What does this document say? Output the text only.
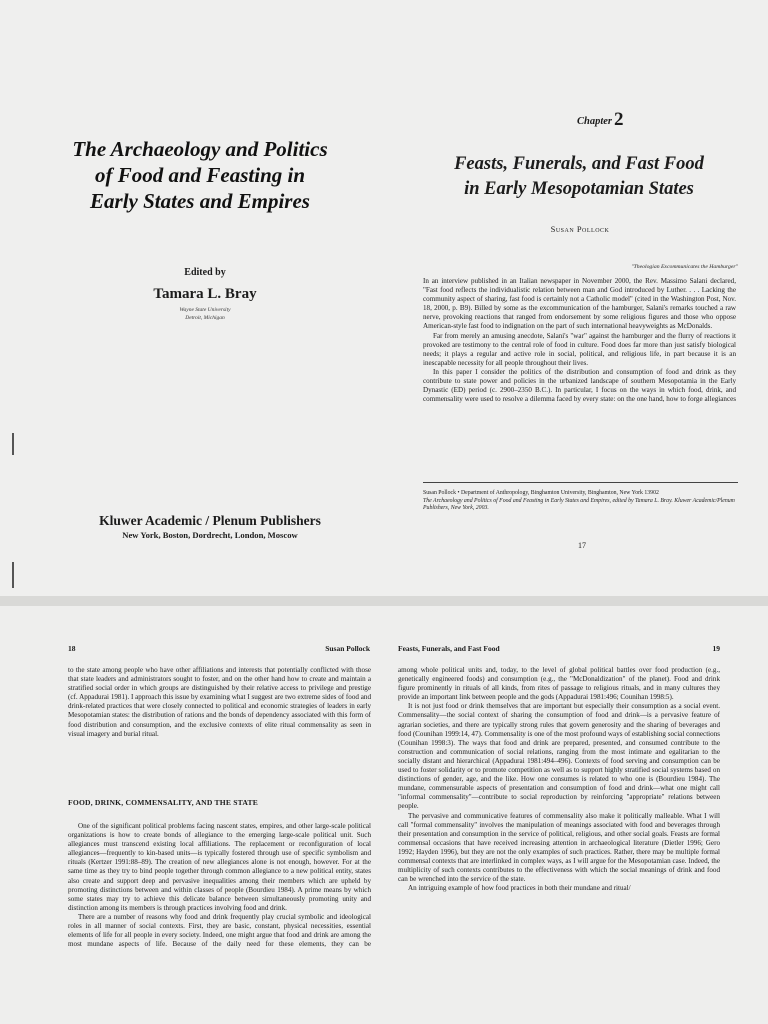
The Archaeology and Politics
of Food and Feasting in
Early States and Empires
Edited by
Tamara L. Bray
Wayne State University
Detroit, Michigan
Kluwer Academic / Plenum Publishers
New York, Boston, Dordrecht, London, Moscow
Chapter 2
Feasts, Funerals, and Fast Food
in Early Mesopotamian States
Susan Pollock
"Theologian Excommunicates the Hamburger"

In an interview published in an Italian newspaper in November 2000, the Rev. Massimo Salani declared, "Fast food reflects the individualistic relation between man and God introduced by Luther. . . . Lacking the community aspect of sharing, fast food is certainly not a Catholic model" (cited in the Washington Post, Nov. 18, 2000, p. B9). Billed by some as the excommunication of the hamburger, Salani's remarks touched a raw nerve, provoking reactions that ranged from endorsement by some religious figures and those who oppose American-style fast food to indignation on the part of such international heavyweights as McDonalds.

Far from merely an amusing anecdote, Salani's "war" against the hamburger and the flurry of reactions it provoked are testimony to the central role of food in culture. Food does far more than just satisfy biological needs; it plays a regular and active role in social, political, and religious life, in part because it is an inescapable necessity for all people throughout their lives.

In this paper I consider the politics of the distribution and consumption of food and drink as they contribute to state power and policies in the urbanized landscape of southern Mesopotamia in the Early Dynastic (ED) period (c. 2900–2350 B.C.). In particular, I focus on the ways in which food, drink, and commensality were used to resolve a dilemma faced by every state: on the one hand, how to forge allegiances

Susan Pollock • Department of Anthropology, Binghamton University, Binghamton, New York 13902

The Archaeology and Politics of Food and Feasting in Early States and Empires, edited by Tamara L. Bray. Kluwer Academic/Plenum Publishers, New York, 2003.

17
18	Susan Pollock	Feasts, Funerals, and Fast Food	19

to the state among people who have other affiliations and interests that potentially conflicted with those that state leaders and administrators sought to foster, and on the other hand how to create and maintain a stratified social order in which groups are distinguished by their relative access to privilege and prestige (cf. Appadurai 1981). I approach this issue by examining what I suggest are two extreme sides of food and drink-related practices that were closely connected to political and economic strategies of leaders in early Mesopotamian states: the distribution of rations and the bonds of dependency associated with this form of food distribution and consumption, and the exclusive contexts of elite ritual commensality as seen in visual imagery and burial ritual.

FOOD, DRINK, COMMENSALITY, AND THE STATE

One of the significant political problems facing nascent states, empires, and other large-scale political organizations is how to create bonds of allegiance to the emerging large-scale political unit. Such allegiances must transcend existing local affiliations. The replacement or reconfiguration of local allegiances—frequently to kin-based units—is typically fostered through use of specific symbolism and rituals (Kertzer 1991:88–89). The creation of new allegiances alone is not enough, however. For at the same time as they try to bind people together through common allegiance to a new political entity, states also create and support deep and pervasive inequalities among their members which are upheld by promoting distinctions between and within classes of people (Bourdieu 1984). A prime means by which some states may try to achieve this delicate balance between simultaneously promoting unity and distinction among its members is through practices involving food and drink.

There are a number of reasons why food and drink frequently play crucial symbolic and ideological roles in all manner of social contexts. First, they are basic, constant, physical necessities, essential elements of life for all people in every society. Indeed, one might argue that food and drink are among the most mundane aspects of life. Because of the daily need for these elements, they can be

among whole political units and, today, to the level of global political battles over food production (e.g., genetically engineered foods) and consumption (e.g., the "McDonaldization" of the planet). Food and drink figure prominently in rituals of all kinds, from rites of passage to religious rituals, and in many cultures they provide an important link between people and the gods (Appadurai 1981:496; Counihan 1998:5).

It is not just food or drink themselves that are important but especially their consumption as a social event. Commensality—the social context of sharing the consumption of food and drink—is a pervasive feature of agrarian societies, and there are typically strong rules that govern generosity and the sharing of beverages and food (Counihan 1999:14, 47). Commensality is one of the most profound ways of establishing social connections (Counihan 1998:3). The ways that food and drink are prepared, presented, and consumed contribute to the construction and communication of social relations, ranging from the most intimate and egalitarian to the socially distant and hierarchical (Appadurai 1981:494–496). Contexts of food serving and consumption can be used to foster solidarity or to promote competition as well as to support highly stratified social systems based on distinctions of gender, age, and the like. How one consumes is related to who one is (Bourdieu 1984). The mundane, commensurable aspects of presentation and consumption of food and drink—what one might call "informal commensality"—contribute to social reproduction by reinforcing "appropriate" relations between people.

The pervasive and communicative features of commensality also make it politically malleable. What I will call "formal commensality" involves the manipulation of meanings associated with food and beverages through their presentation and consumption in the service of political, religious, and other social goals. Feasts are formal commensal occasions that have received increasing attention in archaeological literature (Dietler 1996; Gero 1992; Hayden 1996), but they are not the only examples of such practices. Rather, there may be multiple formal commensal contexts that are interlinked in complex ways, as I will argue for the Mesopotamian case. Indeed, the multiplicity of such contexts contributes to the effectiveness with which the social meanings of drink and food can be wrenched into the service of the state.

An intriguing example of how food practices in both their mundane and ritual/
